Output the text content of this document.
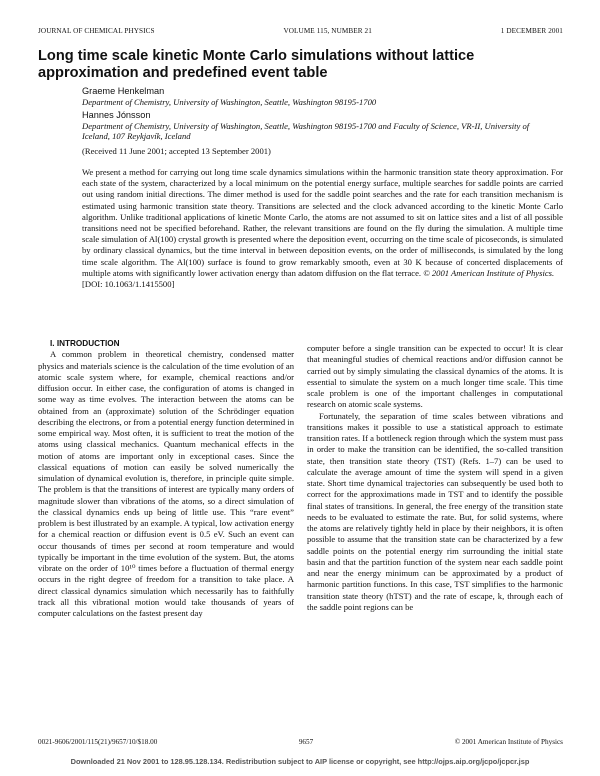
JOURNAL OF CHEMICAL PHYSICS	VOLUME 115, NUMBER 21	1 DECEMBER 2001
Long time scale kinetic Monte Carlo simulations without lattice approximation and predefined event table

Graeme Henkelman

Department of Chemistry, University of Washington, Seattle, Washington 98195-1700

Hannes Jónsson

Department of Chemistry, University of Washington, Seattle, Washington 98195-1700 and Faculty of Science, VR-II, University of Iceland, 107 Reykjavík, Iceland

(Received 11 June 2001; accepted 13 September 2001)

We present a method for carrying out long time scale dynamics simulations within the harmonic transition state theory approximation. For each state of the system, characterized by a local minimum on the potential energy surface, multiple searches for saddle points are carried out using random initial directions. The dimer method is used for the saddle point searches and the rate for each transition mechanism is estimated using harmonic transition state theory. Transitions are selected and the clock advanced according to the kinetic Monte Carlo algorithm. Unlike traditional applications of kinetic Monte Carlo, the atoms are not assumed to sit on lattice sites and a list of all possible transitions need not be specified beforehand. Rather, the relevant transitions are found on the fly during the simulation. A multiple time scale simulation of Al(100) crystal growth is presented where the deposition event, occurring on the time scale of picoseconds, is simulated by ordinary classical dynamics, but the time interval in between deposition events, on the order of milliseconds, is simulated by the long time scale algorithm. The Al(100) surface is found to grow remarkably smooth, even at 30 K because of concerted displacements of multiple atoms with significantly lower activation energy than adatom diffusion on the flat terrace. © 2001 American Institute of Physics.
[DOI: 10.1063/1.1415500]

I. INTRODUCTION

A common problem in theoretical chemistry, condensed matter physics and materials science is the calculation of the time evolution of an atomic scale system where, for example, chemical reactions and/or diffusion occur. In either case, the configuration of atoms is changed in some way as time evolves. The interaction between the atoms can be obtained from an (approximate) solution of the Schrödinger equation describing the electrons, or from a potential energy function determined in some empirical way. Most often, it is sufficient to treat the motion of the atoms using classical mechanics. Quantum mechanical effects in the motion of atoms are important only in exceptional cases. Since the classical equations of motion can easily be solved numerically the simulation of dynamical evolution is, therefore, in principle quite simple. The problem is that the transitions of interest are typically many orders of magnitude slower than vibrations of the atoms, so a direct simulation of the classical dynamics ends up being of little use. This “rare event” problem is best illustrated by an example. A typical, low activation energy for a chemical reaction or diffusion event is 0.5 eV. Such an event can occur thousands of times per second at room temperature and would typically be important in the time evolution of the system. But, the atoms vibrate on the order of 10¹⁰ times before a fluctuation of thermal energy occurs in the right degree of freedom for a transition to take place. A direct classical dynamics simulation which necessarily has to faithfully track all this vibrational motion would take thousands of years of computer calculations on the fastest present day

computer before a single transition can be expected to occur! It is clear that meaningful studies of chemical reactions and/or diffusion cannot be carried out by simply simulating the classical dynamics of the atoms. It is essential to simulate the system on a much longer time scale. This time scale problem is one of the important challenges in computational research on atomic scale systems.

Fortunately, the separation of time scales between vibrations and transitions makes it possible to use a statistical approach to estimate transition rates. If a bottleneck region through which the system must pass in order to make the transition can be identified, the so-called transition state, then transition state theory (TST) (Refs. 1–7) can be used to calculate the average amount of time the system will spend in a given state. Short time dynamical trajectories can subsequently be used both to correct for the approximations made in TST and to identify the possible final states of transitions. In general, the free energy of the transition state needs to be evaluated to estimate the rate. But, for solid systems, where the atoms are relatively tightly held in place by their neighbors, it is often possible to assume that the transition state can be characterized by a few saddle points on the potential energy rim surrounding the initial state basin and that the partition function of the system near each saddle point and near the energy minimum can be approximated by a product of harmonic partition functions. In this case, TST simplifies to the harmonic transition state theory (hTST) and the rate of escape, k, through each of the saddle point regions can be

0021-9606/2001/115(21)/9657/10/$18.00	9657	© 2001 American Institute of Physics
Downloaded 21 Nov 2001 to 128.95.128.134. Redistribution subject to AIP license or copyright, see http://ojps.aip.org/jcpo/jcpcr.jsp
